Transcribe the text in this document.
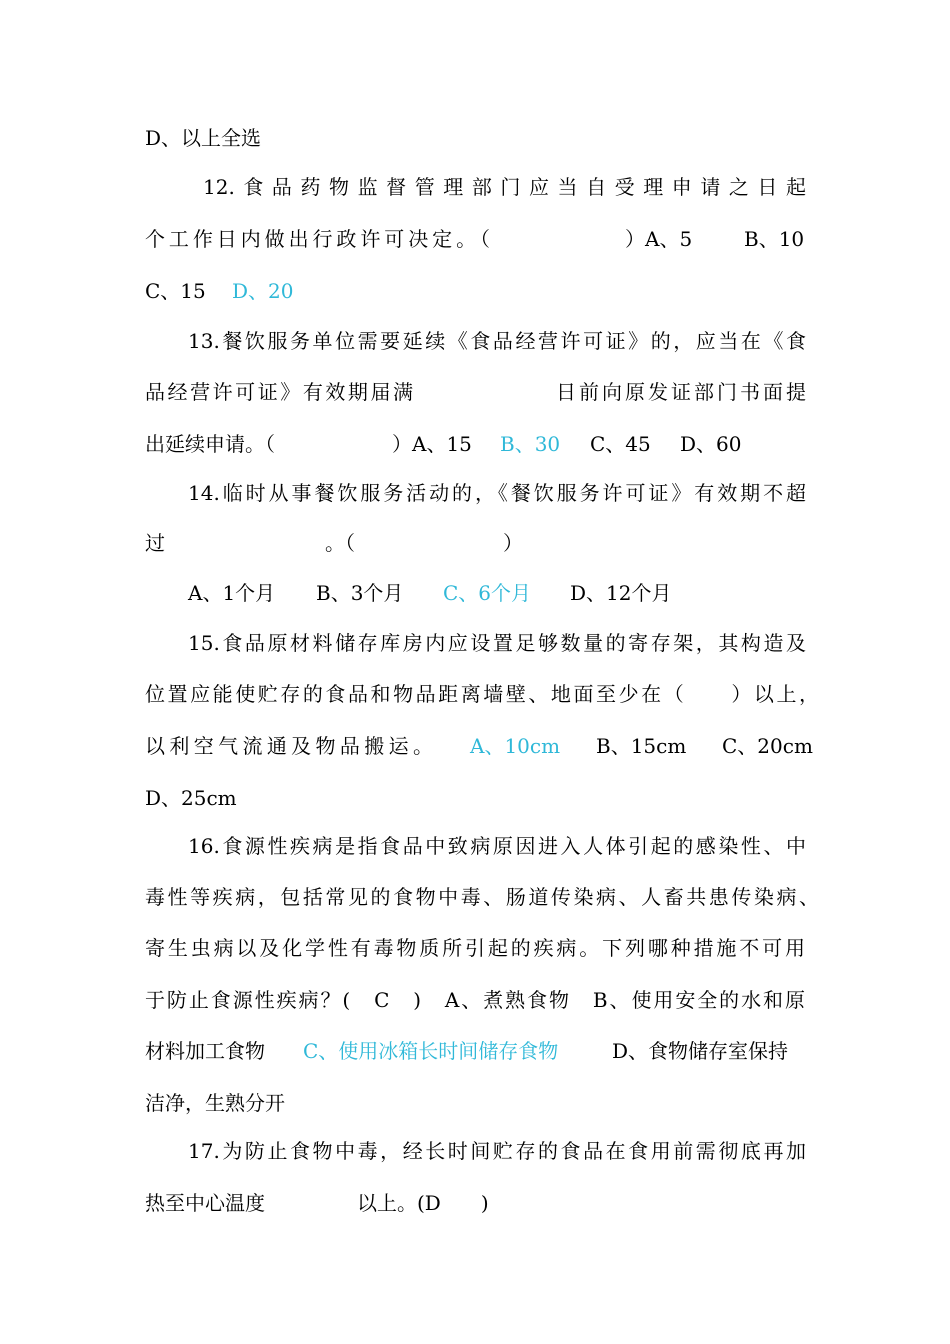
D、以上全选
12.食品药物监督管理部门应当自受理申请之日起
个工作日内做出行政许可决定。（	）A、5	B、10
C、15 D、20
13.餐饮服务单位需要延续《食品经营许可证》的，应当在《食
品经营许可证》有效期届满	日前向原发证部门书面提
出延续申请。（	）A、15 B、30 C、45 D、60
14.临时从事餐饮服务活动的，《餐饮服务许可证》有效期不超
过	。（	）
A、1个月 B、3个月 C、6个月 D、12个月
15.食品原材料储存库房内应设置足够数量的寄存架，其构造及
位置应能使贮存的食品和物品距离墙壁、地面至少在（　　）以上，
以利空气流通及物品搬运。 A、10cm B、15cm C、20cm
D、25cm
16.食源性疾病是指食品中致病原因进入人体引起的感染性、中
毒性等疾病，包括常见的食物中毒、肠道传染病、人畜共患传染病、
寄生虫病以及化学性有毒物质所引起的疾病。下列哪种措施不可用
于防止食源性疾病？(　C　)　A、煮熟食物　B、使用安全的水和原
材料加工食物 C、使用冰箱长时间储存食物	D、食物储存室保持
洁净，生熟分开
17.为防止食物中毒，经长时间贮存的食品在食用前需彻底再加
热至中心温度	以上。(D　　)
